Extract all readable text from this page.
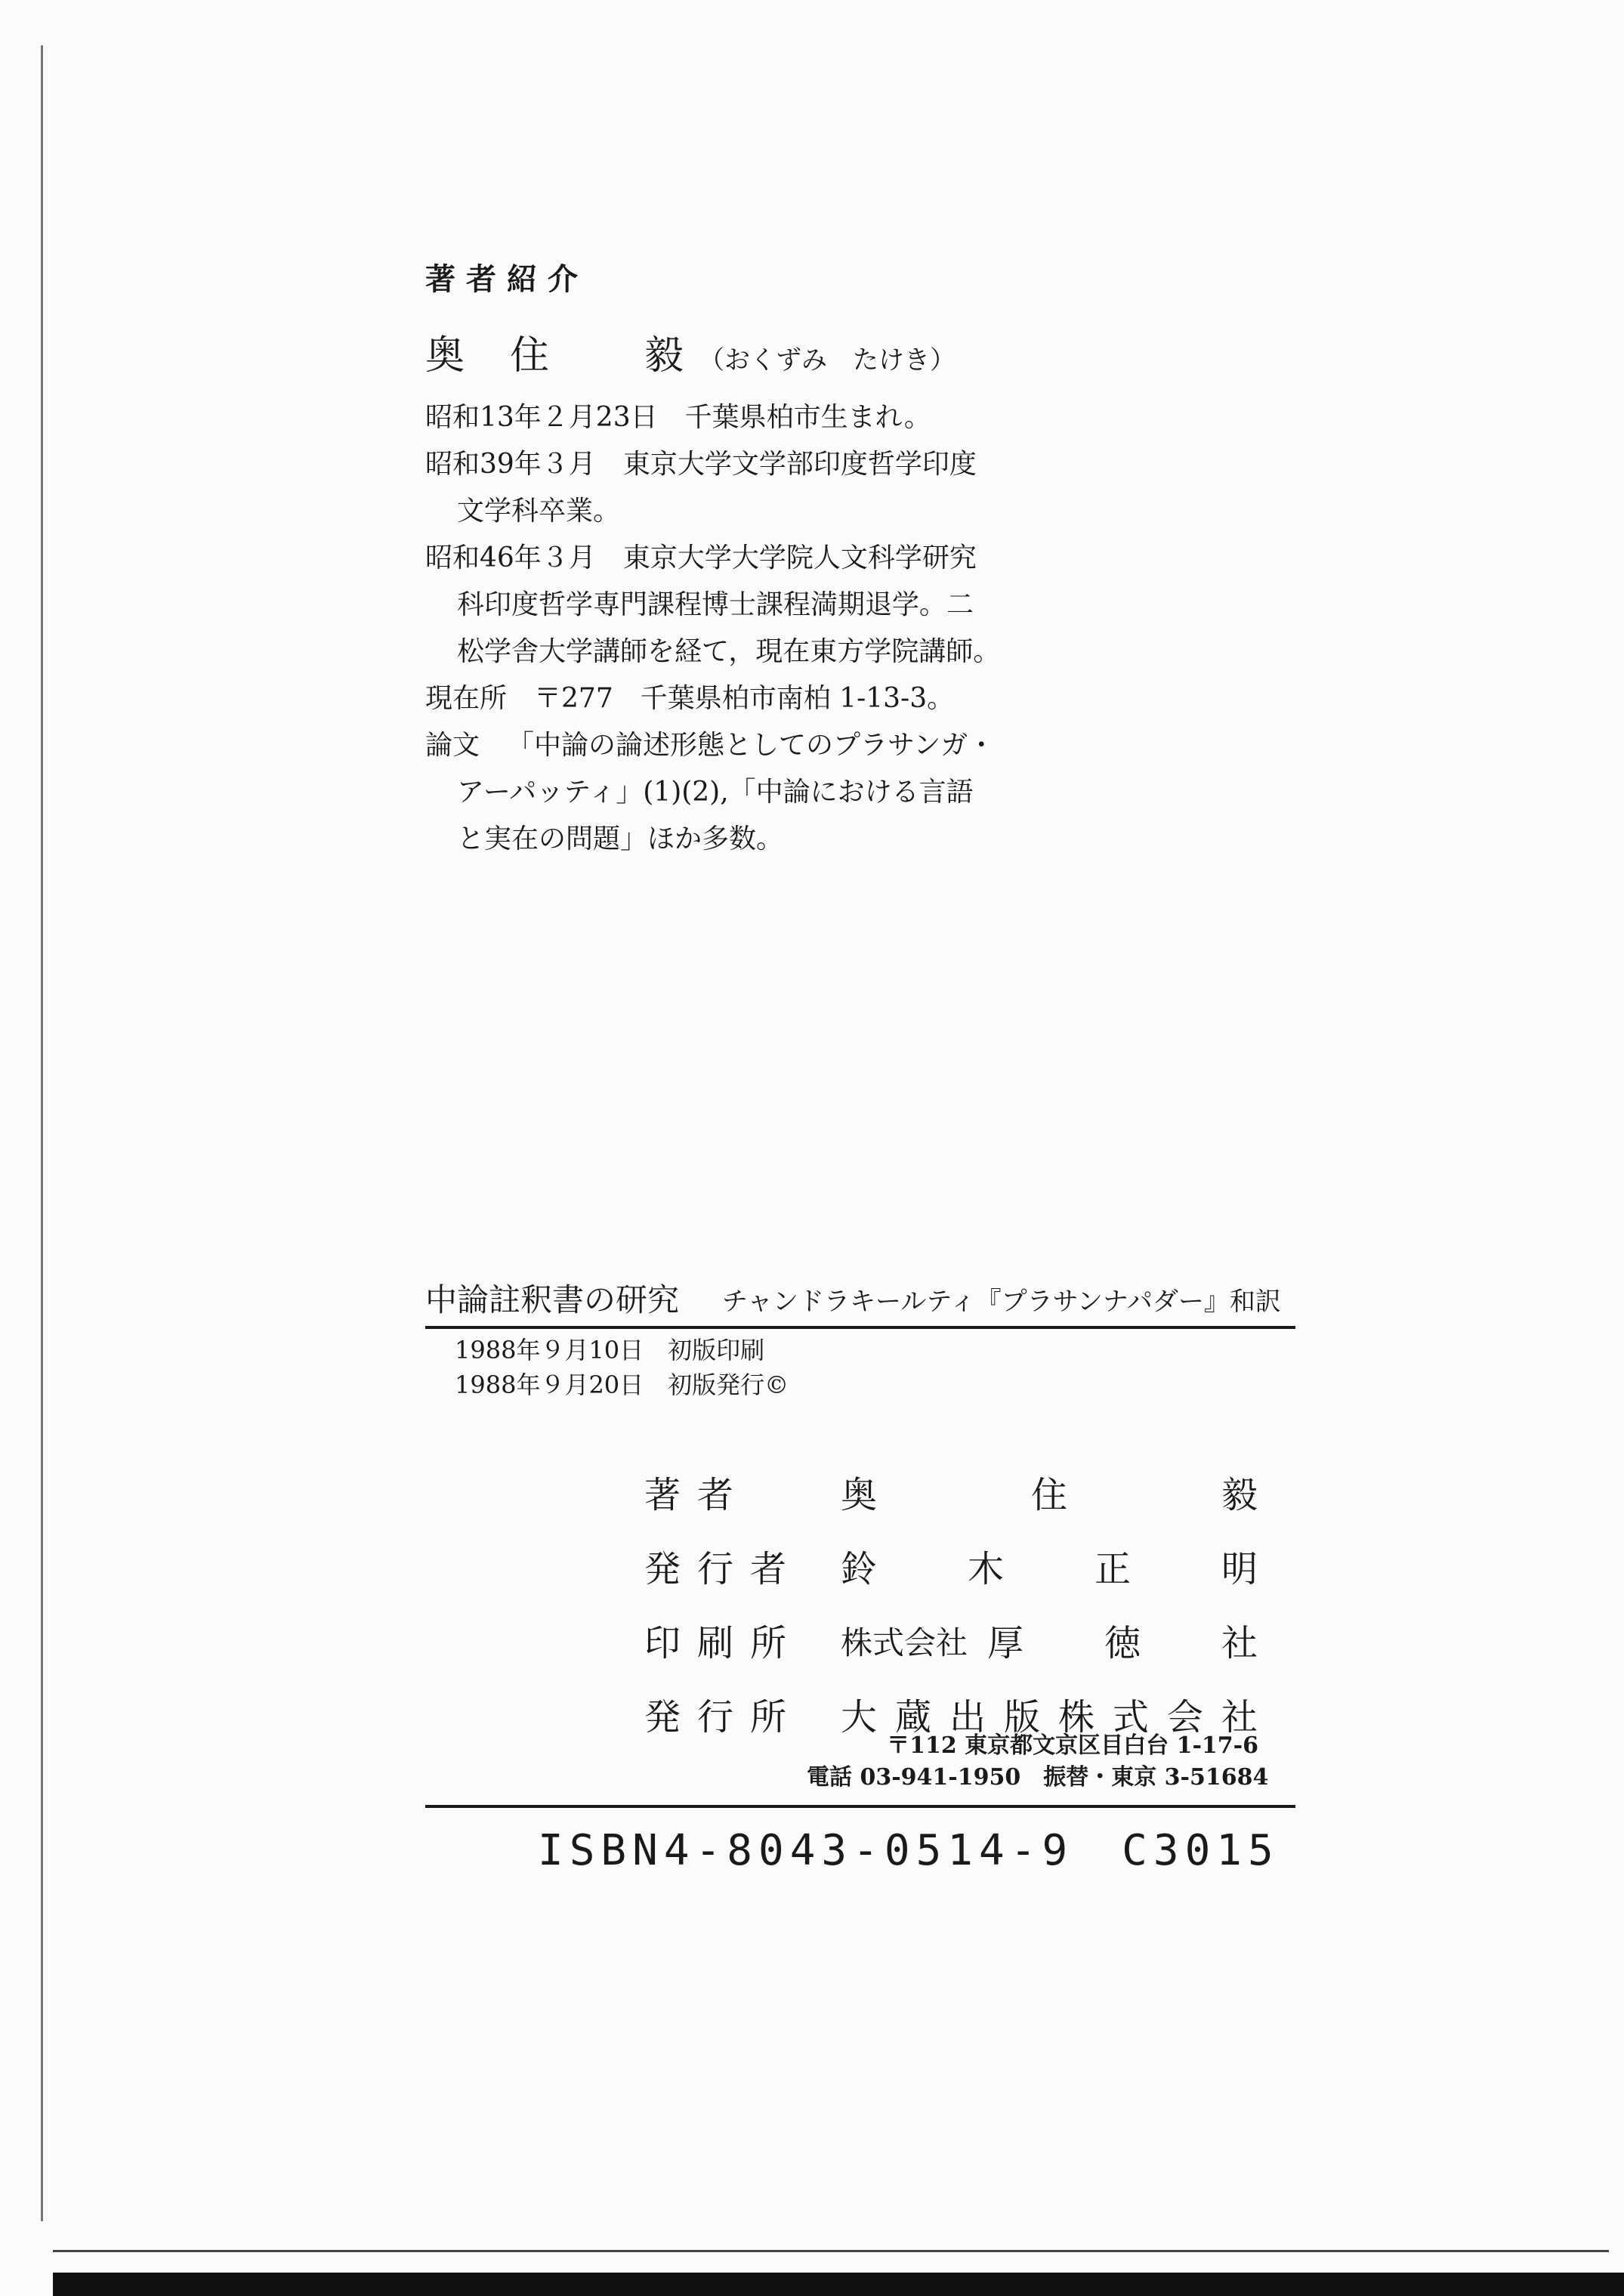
著者紹介
奥住 毅 （おくずみ　たけき）
昭和13年２月23日 千葉県柏市生まれ。
昭和39年３月 東京大学文学部印度哲学印度
文学科卒業。
昭和46年３月 東京大学大学院人文科学研究
科印度哲学専門課程博士課程満期退学。二
松学舎大学講師を経て，現在東方学院講師。
現在所 〒277　千葉県柏市南柏 1-13-3。
論文 「中論の論述形態としてのプラサンガ・
アーパッティ」(1)(2),「中論における言語
と実在の問題」ほか多数。
中論註釈書の研究 チャンドラキールティ『プラサンナパダー』和訳
1988年９月10日　初版印刷
1988年９月20日　初版発行©
著者	奥	住	毅
発行者	鈴 木 正 明
印刷所	株式会社 厚 徳 社
発行所	大 蔵 出 版 株 式 会 社
〒112 東京都文京区目白台 1-17-6
電話 03-941-1950　振替・東京 3-51684
ISBN4-8043-0514-9　C3015
